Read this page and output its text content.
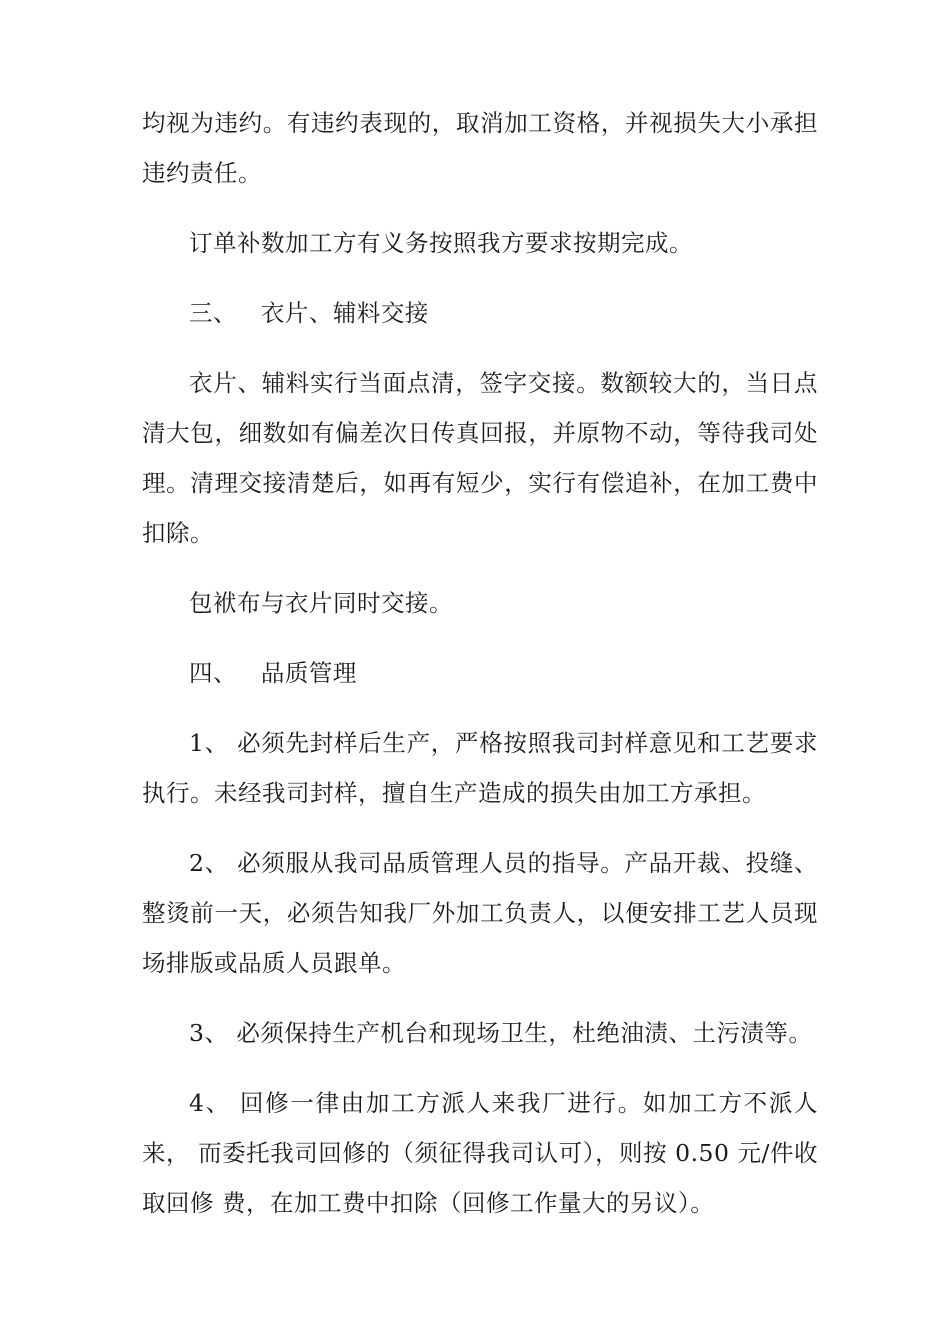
均视为违约。有违约表现的，取消加工资格，并视损失大小承担违约责任。

订单补数加工方有义务按照我方要求按期完成。

三、   衣片、辅料交接

衣片、辅料实行当面点清，签字交接。数额较大的，当日点清大包，细数如有偏差次日传真回报，并原物不动，等待我司处理。清理交接清楚后，如再有短少，实行有偿追补，在加工费中扣除。

包袱布与衣片同时交接。

四、   品质管理

1、 必须先封样后生产，严格按照我司封样意见和工艺要求执行。未经我司封样，擅自生产造成的损失由加工方承担。

2、 必须服从我司品质管理人员的指导。产品开裁、投缝、整烫前一天，必须告知我厂外加工负责人，以便安排工艺人员现场排版或品质人员跟单。

3、 必须保持生产机台和现场卫生，杜绝油渍、土污渍等。

4、 回修一律由加工方派人来我厂进行。如加工方不派人来， 而委托我司回修的（须征得我司认可），则按 0.50 元/件收取回修 费，在加工费中扣除（回修工作量大的另议）。
